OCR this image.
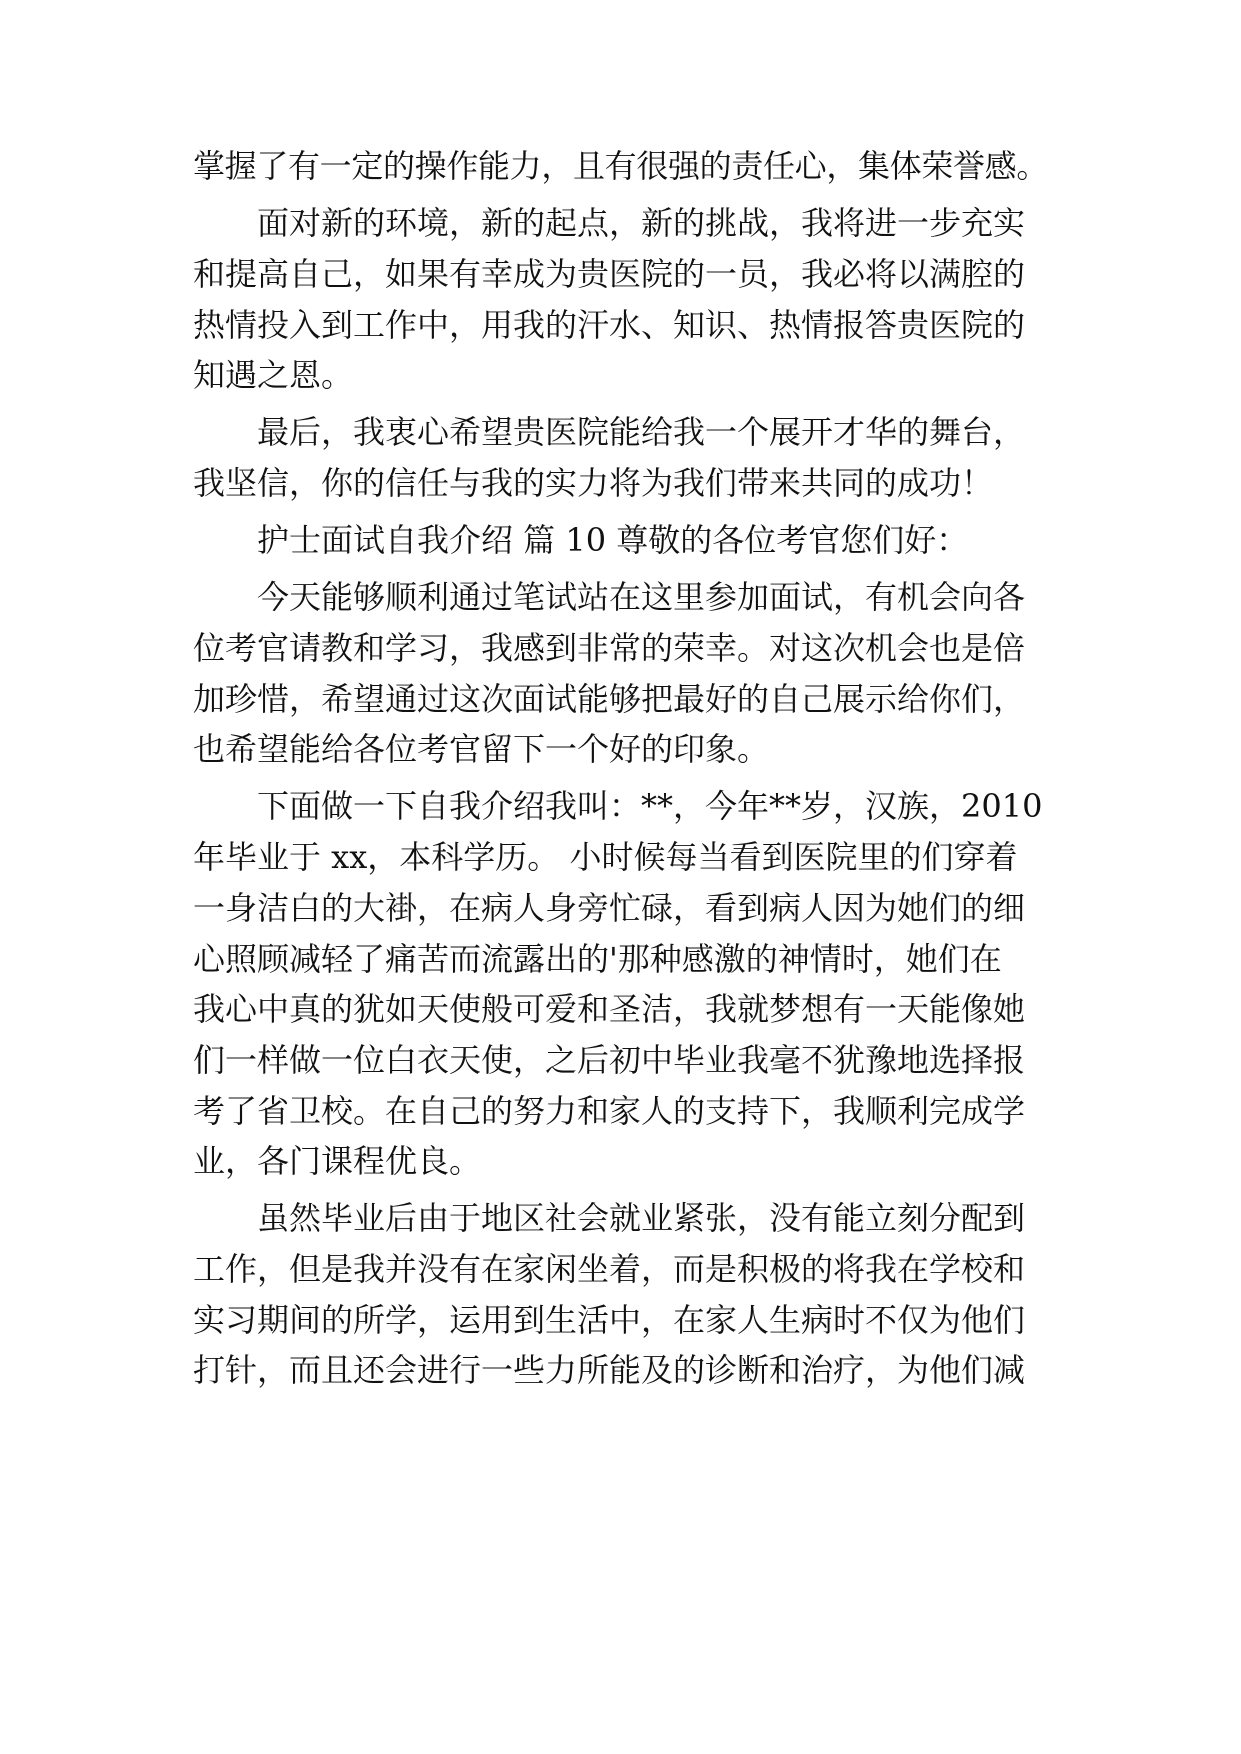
掌握了有一定的操作能力，且有很强的责任心，集体荣誉感。
面对新的环境，新的起点，新的挑战，我将进一步充实
和提高自己，如果有幸成为贵医院的一员，我必将以满腔的
热情投入到工作中，用我的汗水、知识、热情报答贵医院的
知遇之恩。
最后，我衷心希望贵医院能给我一个展开才华的舞台，
我坚信，你的信任与我的实力将为我们带来共同的成功！
护士面试自我介绍 篇 10 尊敬的各位考官您们好：
今天能够顺利通过笔试站在这里参加面试，有机会向各
位考官请教和学习，我感到非常的荣幸。对这次机会也是倍
加珍惜，希望通过这次面试能够把最好的自己展示给你们，
也希望能给各位考官留下一个好的印象。
下面做一下自我介绍我叫：**，今年**岁，汉族，2010
年毕业于 xx，本科学历。 小时候每当看到医院里的们穿着
一身洁白的大褂，在病人身旁忙碌，看到病人因为她们的细
心照顾减轻了痛苦而流露出的'那种感激的神情时，她们在
我心中真的犹如天使般可爱和圣洁，我就梦想有一天能像她
们一样做一位白衣天使，之后初中毕业我毫不犹豫地选择报
考了省卫校。在自己的努力和家人的支持下，我顺利完成学
业，各门课程优良。
虽然毕业后由于地区社会就业紧张，没有能立刻分配到
工作，但是我并没有在家闲坐着，而是积极的将我在学校和
实习期间的所学，运用到生活中，在家人生病时不仅为他们
打针，而且还会进行一些力所能及的诊断和治疗，为他们减
